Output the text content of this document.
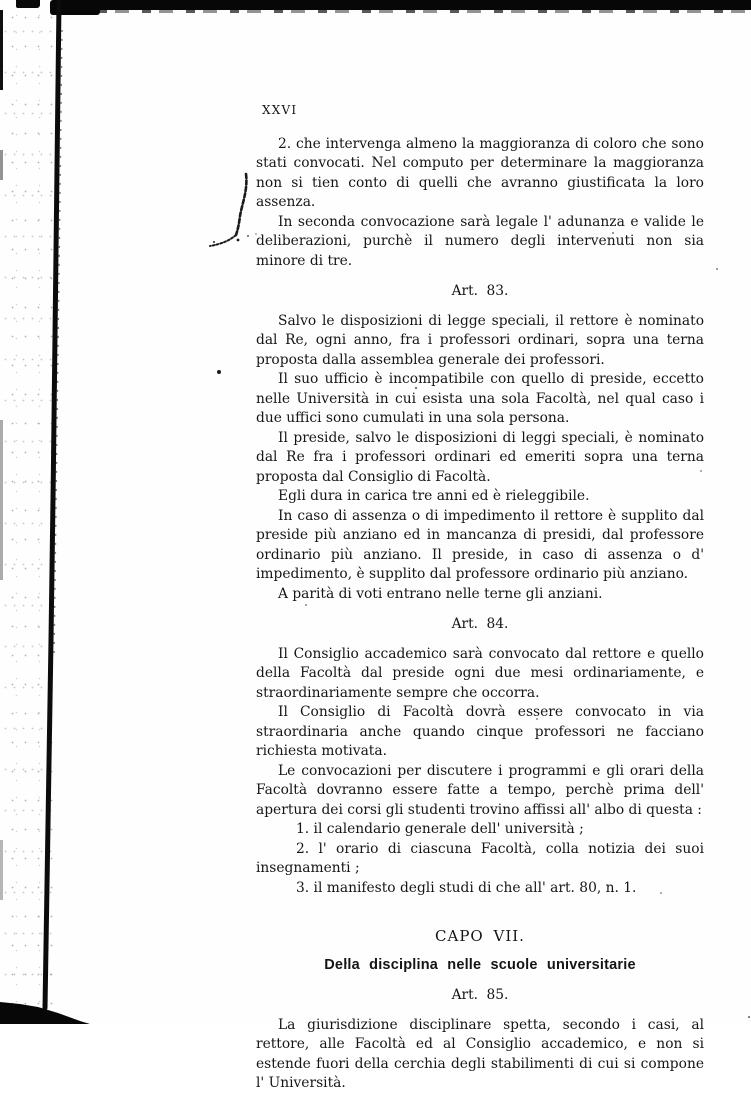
XXVI

2. che intervenga almeno la maggioranza di coloro che sono stati convocati. Nel computo per determinare la maggioranza non si tien conto di quelli che avranno giustificata la loro assenza.

In seconda convocazione sarà legale l' adunanza e valide le deliberazioni, purchè il numero degli intervenuti non sia minore di tre.

Art. 83.

Salvo le disposizioni di legge speciali, il rettore è nominato dal Re, ogni anno, fra i professori ordinari, sopra una terna proposta dalla assemblea generale dei professori.

Il suo ufficio è incompatibile con quello di preside, eccetto nelle Università in cui esista una sola Facoltà, nel qual caso i due uffici sono cumulati in una sola persona.

Il preside, salvo le disposizioni di leggi speciali, è nominato dal Re fra i professori ordinari ed emeriti sopra una terna proposta dal Consiglio di Facoltà.

Egli dura in carica tre anni ed è rieleggibile.

In caso di assenza o di impedimento il rettore è supplito dal preside più anziano ed in mancanza di presidi, dal professore ordinario più anziano. Il preside, in caso di assenza o d' impedimento, è supplito dal professore ordinario più anziano.

A parità di voti entrano nelle terne gli anziani.

Art. 84.

Il Consiglio accademico sarà convocato dal rettore e quello della Facoltà dal preside ogni due mesi ordinariamente, e straordinariamente sempre che occorra.

Il Consiglio di Facoltà dovrà essere convocato in via straordinaria anche quando cinque professori ne facciano richiesta motivata.

Le convocazioni per discutere i programmi e gli orari della Facoltà dovranno essere fatte a tempo, perchè prima dell' apertura dei corsi gli studenti trovino affissi all' albo di questa :

1. il calendario generale dell' università ;

2. l' orario di ciascuna Facoltà, colla notizia dei suoi insegnamenti ;

3. il manifesto degli studi di che all' art. 80, n. 1.

CAPO VII.

Della disciplina nelle scuole universitarie

Art. 85.

La giurisdizione disciplinare spetta, secondo i casi, al rettore, alle Facoltà ed al Consiglio accademico, e non si estende fuori della cerchia degli stabilimenti di cui si compone l' Università.
